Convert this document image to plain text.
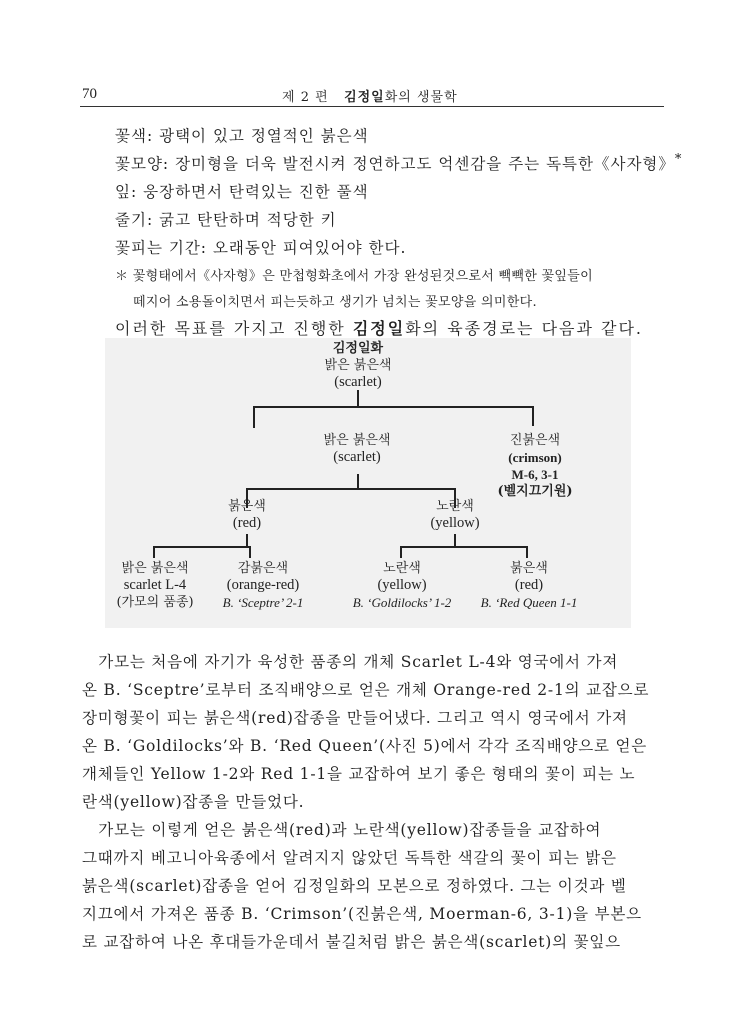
70	제 2 편 김정일화의 생물학
꽃색: 광택이 있고 정열적인 붉은색
꽃모양: 장미형을 더욱 발전시켜 정연하고도 억센감을 주는 독특한《사자형》*
잎: 웅장하면서 탄력있는 진한 풀색
줄기: 굵고 탄탄하며 적당한 키
꽃피는 기간: 오래동안 피여있어야 한다.
＊ 꽃형태에서《사자형》은 만첩형화초에서 가장 완성된것으로서 빽빽한 꽃잎들이
떼지어 소용돌이치면서 피는듯하고 생기가 넘치는 꽃모양을 의미한다.
이러한 목표를 가지고 진행한 김정일화의 육종경로는 다음과 같다.
김정일화
밝은 붉은색
(scarlet)
밝은 붉은색
(scarlet)
진붉은색
(crimson)
M-6, 3-1
(벨지끄기원)
붉은색
(red)
노란색
(yellow)
밝은 붉은색
scarlet L-4
(가모의 품종)
감붉은색
(orange-red)
B. ‘Sceptre’ 2-1
노란색
(yellow)
B. ‘Goldilocks’ 1-2
붉은색
(red)
B. ‘Red Queen 1-1
　가모는 처음에 자기가 육성한 품종의 개체 Scarlet L-4와 영국에서 가져
온 B. ‘Sceptre’로부터 조직배양으로 얻은 개체 Orange-red 2-1의 교잡으로
장미형꽃이 피는 붉은색(red)잡종을 만들어냈다. 그리고 역시 영국에서 가져
온 B. ‘Goldilocks’와 B. ‘Red Queen’(사진 5)에서 각각 조직배양으로 얻은
개체들인 Yellow 1-2와 Red 1-1을 교잡하여 보기 좋은 형태의 꽃이 피는 노
란색(yellow)잡종을 만들었다.
　가모는 이렇게 얻은 붉은색(red)과 노란색(yellow)잡종들을 교잡하여
그때까지 베고니아육종에서 알려지지 않았던 독특한 색갈의 꽃이 피는 밝은
붉은색(scarlet)잡종을 얻어 김정일화의 모본으로 정하였다. 그는 이것과 벨
지끄에서 가져온 품종 B. ‘Crimson’(진붉은색, Moerman-6, 3-1)을 부본으
로 교잡하여 나온 후대들가운데서 불길처럼 밝은 붉은색(scarlet)의 꽃잎으
